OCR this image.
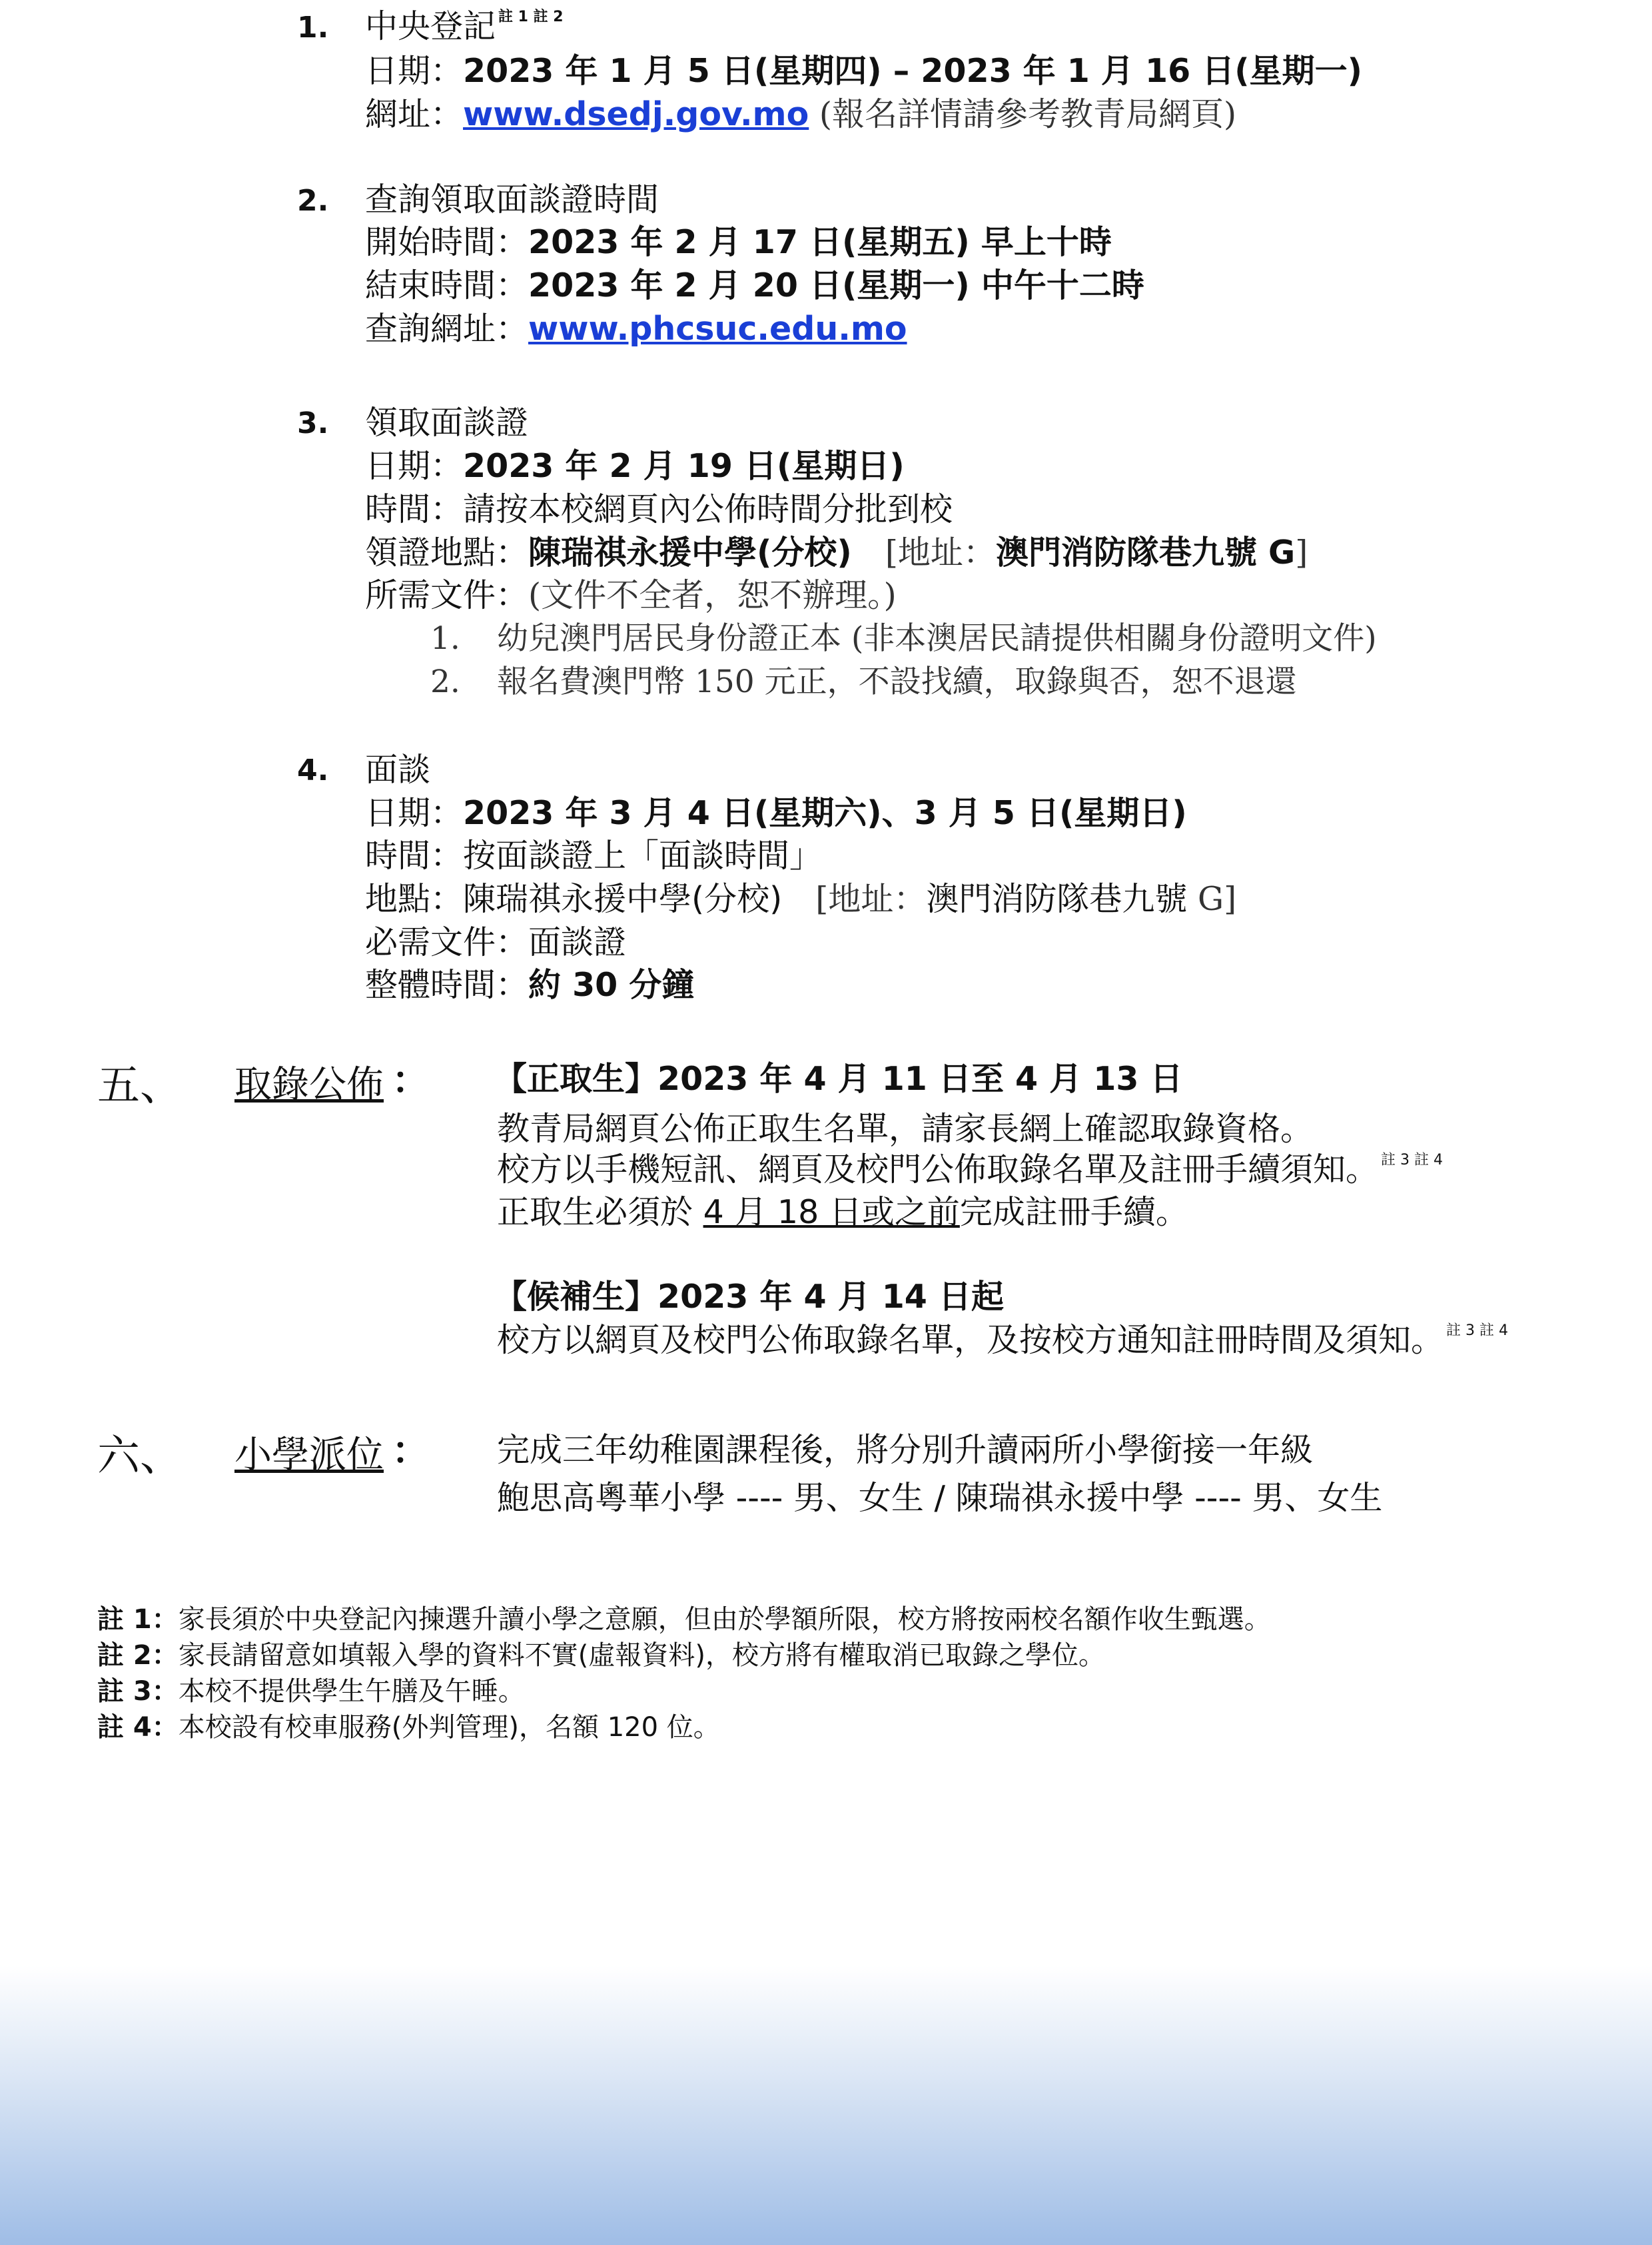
1. 中央登記 $^{註 1 註 2}$
日期：2023 年 1 月 5 日(星期四) – 2023 年 1 月 16 日(星期一)
網址：www.dsedj.gov.mo (報名詳情請參考教青局網頁)
2. 查詢領取面談證時間
開始時間：2023 年 2 月 17 日(星期五) 早上十時
結束時間：2023 年 2 月 20 日(星期一) 中午十二時
查詢網址：www.phcsuc.edu.mo
3. 領取面談證
日期：2023 年 2 月 19 日(星期日)
時間：請按本校網頁內公佈時間分批到校
領證地點：陳瑞祺永援中學(分校) [地址：澳門消防隊巷九號 G]
所需文件：(文件不全者，恕不辦理。)
1. 幼兒澳門居民身份證正本 (非本澳居民請提供相關身份證明文件)
2. 報名費澳門幣 150 元正，不設找續，取錄與否，恕不退還
4. 面談
日期：2023 年 3 月 4 日(星期六)、3 月 5 日(星期日)
時間：按面談證上「面談時間」
地點：陳瑞祺永援中學(分校) [地址：澳門消防隊巷九號 G]
必需文件：面談證
整體時間：約 30 分鐘
五、 取錄公佈 ： 【正取生】2023 年 4 月 11 日至 4 月 13 日
教青局網頁公佈正取生名單，請家長網上確認取錄資格。
校方以手機短訊、網頁及校門公佈取錄名單及註冊手續須知。 $^{註 3 註 4}$
正取生必須於 4 月 18 日或之前完成註冊手續。
【候補生】2023 年 4 月 14 日起
校方以網頁及校門公佈取錄名單，及按校方通知註冊時間及須知。 $^{註 3 註 4}$
六、 小學派位 ： 完成三年幼稚園課程後，將分別升讀兩所小學銜接一年級
鮑思高粵華小學 ---- 男、女生 / 陳瑞祺永援中學 ---- 男、女生
註 1：家長須於中央登記內揀選升讀小學之意願，但由於學額所限，校方將按兩校名額作收生甄選。
註 2：家長請留意如填報入學的資料不實(虛報資料)，校方將有權取消已取錄之學位。
註 3：本校不提供學生午膳及午睡。
註 4：本校設有校車服務(外判管理)，名額 120 位。
